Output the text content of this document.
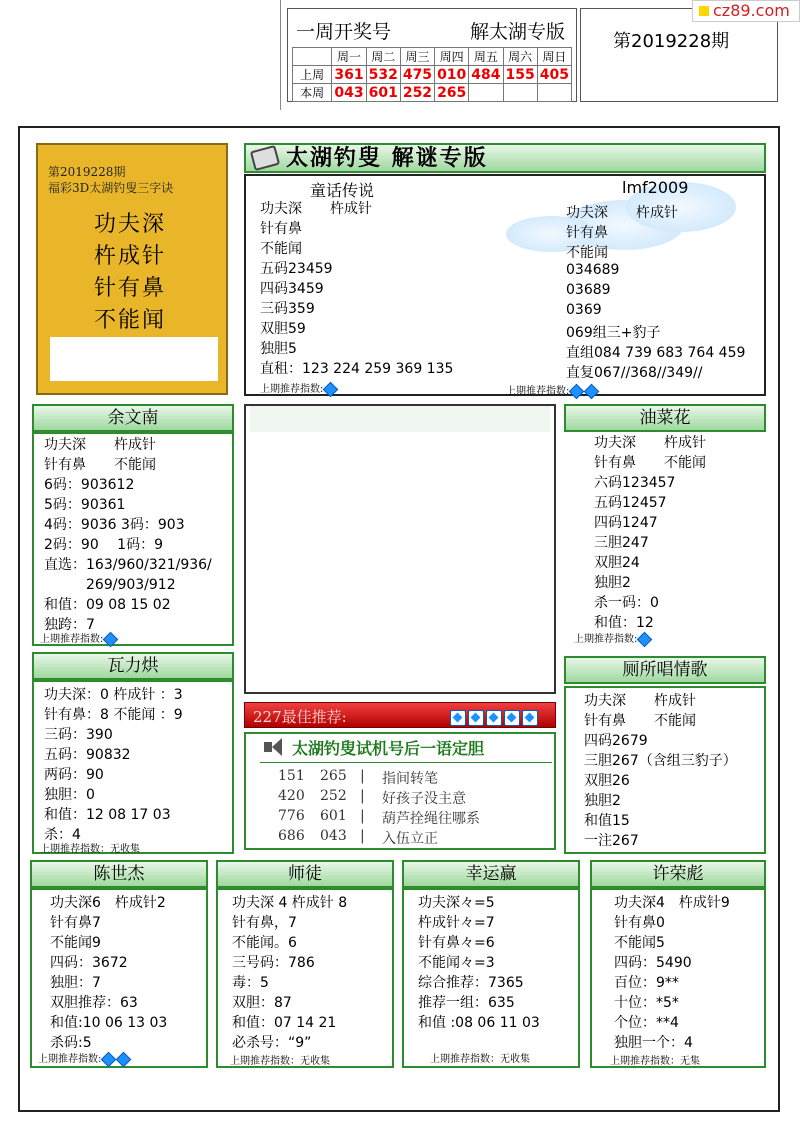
一周开奖号	解太湖专版
	周一	周二	周三	周四	周五	周六	周日
上周	361	532	475	010	484	155	405
本周	043	601	252	265			
第2019228期
cz89.com
第2019228期
福彩3D太湖钓叟三字诀
功夫深
杵成针
针有鼻
不能闻
太湖钓叟 解谜专版
童话传说
功夫深　　杵成针
针有鼻
不能闻
五码23459
四码3459
三码359
双胆59
独胆5
直租：123 224 259 369 135
上期推荐指数:
lmf2009
功夫深　　杵成针
针有鼻
不能闻
034689
03689
0369
069组三+豹子
直组084 739 683 764 459
直复067//368//349//
上期推荐指数:
余文南
功夫深　　杵成针
针有鼻　　不能闻
6码：903612
5码：90361
4码：9036 3码：903
2码：90　 1码：9
直选：163/960/321/936/
　　　269/903/912
和值：09 08 15 02
独跨：7
上期推荐指数:
油菜花
功夫深　　杵成针
针有鼻　　不能闻
六码123457
五码12457
四码1247
三胆247
双胆24
独胆2
杀一码：0
和值：12
上期推荐指数:
瓦力烘
功夫深：0 杵成针 ：3
针有鼻：8 不能闻 ：9
三码：390
五码：90832
两码：90
独胆：0
和值：12 08 17 03
杀：4
上期推荐指数：无收集
227最佳推荐:
太湖钓叟试机号后一语定胆
151 265 | 指间转笔
420 252 | 好孩子没主意
776 601 | 葫芦拴绳往哪系
686 043 | 入伍立正
厕所唱情歌
功夫深　　杵成针
针有鼻　　不能闻
四码2679
三胆267（含组三豹子）
双胆26
独胆2
和值15
一注267
陈世杰
功夫深6　杵成针2
针有鼻7
不能闻9
四码：3672
独胆：7
双胆推荐：63
和值:10 06 13 03
杀码:5
上期推荐指数:
师徒
功夫深 4 杵成针 8
针有鼻，7
不能闻。6
三号码：786
毒：5
双胆：87
和值：07 14 21
必杀号：“9”
上期推荐指数：无收集
幸运赢
功夫深々=5
杵成针々=7
针有鼻々=6
不能闻々=3
综合推荐：7365
推荐一组：635
和值 :08 06 11 03
上期推荐指数：无收集
许荣彪
功夫深4　杵成针9
针有鼻0
不能闻5
四码：5490
百位：9**
十位：*5*
个位：**4
独胆一个：4
上期推荐指数：无集
